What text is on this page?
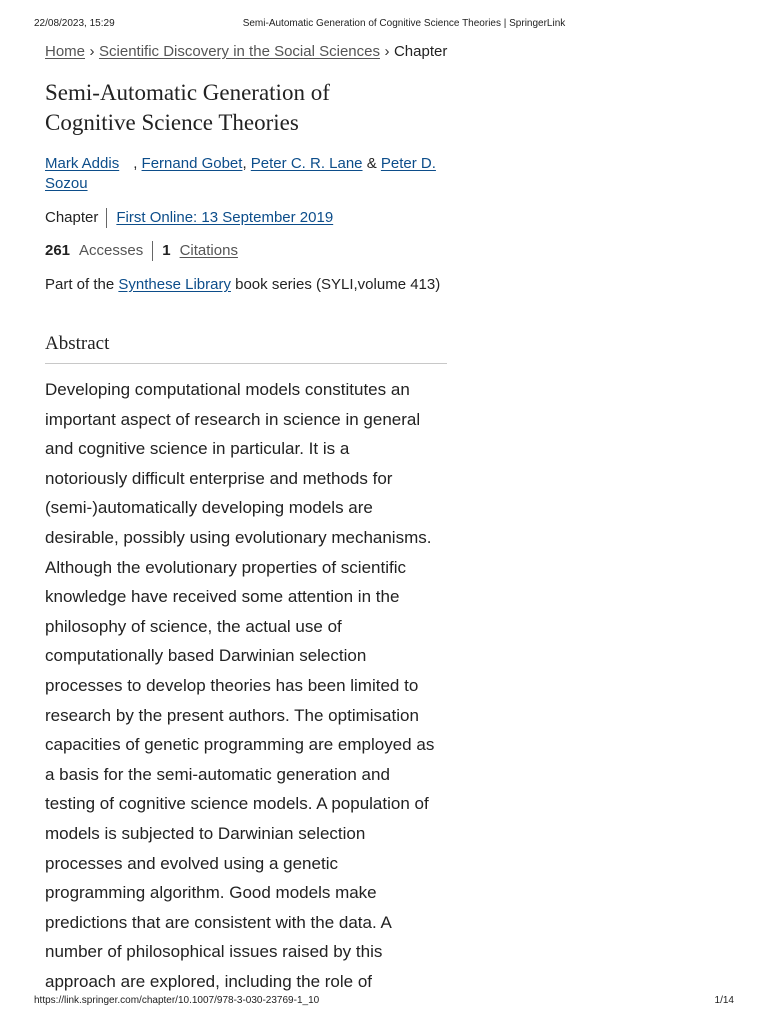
22/08/2023, 15:29	Semi-Automatic Generation of Cognitive Science Theories | SpringerLink
Home › Scientific Discovery in the Social Sciences › Chapter
Semi-Automatic Generation of
Cognitive Science Theories
Mark Addis , Fernand Gobet, Peter C. R. Lane & Peter D.
Sozou
Chapter First Online: 13 September 2019
261 Accesses 1 Citations

Part of the Synthese Library book series (SYLI,volume 413)

Abstract
Developing computational models constitutes an
important aspect of research in science in general
and cognitive science in particular. It is a
notoriously difficult enterprise and methods for
(semi-)automatically developing models are
desirable, possibly using evolutionary mechanisms.
Although the evolutionary properties of scientific
knowledge have received some attention in the
philosophy of science, the actual use of
computationally based Darwinian selection
processes to develop theories has been limited to
research by the present authors. The optimisation
capacities of genetic programming are employed as
a basis for the semi-automatic generation and
testing of cognitive science models. A population of
models is subjected to Darwinian selection
processes and evolved using a genetic
programming algorithm. Good models make
predictions that are consistent with the data. A
number of philosophical issues raised by this
approach are explored, including the role of
https://link.springer.com/chapter/10.1007/978-3-030-23769-1_10	1/14
